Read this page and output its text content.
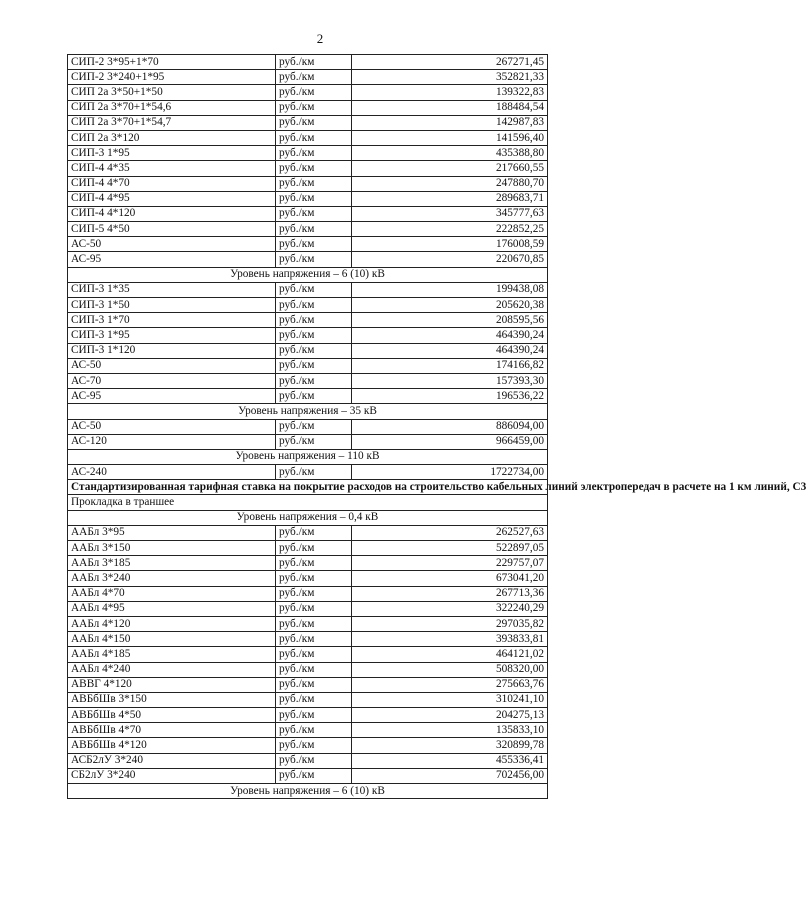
2
СИП-2 3*95+1*70	руб./км	267271,45
СИП-2 3*240+1*95	руб./км	352821,33
СИП 2а 3*50+1*50	руб./км	139322,83
СИП 2а 3*70+1*54,6	руб./км	188484,54
СИП 2а 3*70+1*54,7	руб./км	142987,83
СИП 2а 3*120	руб./км	141596,40
СИП-3 1*95	руб./км	435388,80
СИП-4 4*35	руб./км	217660,55
СИП-4 4*70	руб./км	247880,70
СИП-4 4*95	руб./км	289683,71
СИП-4 4*120	руб./км	345777,63
СИП-5 4*50	руб./км	222852,25
АС-50	руб./км	176008,59
АС-95	руб./км	220670,85
Уровень напряжения – 6 (10) кВ		
СИП-3 1*35	руб./км	199438,08
СИП-3 1*50	руб./км	205620,38
СИП-3 1*70	руб./км	208595,56
СИП-3 1*95	руб./км	464390,24
СИП-3 1*120	руб./км	464390,24
АС-50	руб./км	174166,82
АС-70	руб./км	157393,30
АС-95	руб./км	196536,22
Уровень напряжения – 35 кВ		
АС-50	руб./км	886094,00
АС-120	руб./км	966459,00
Уровень напряжения – 110 кВ		
АС-240	руб./км	1722734,00
Стандартизированная тарифная ставка на покрытие расходов на строительство кабельных линий электропередач в расчете на 1 км линий, С3		
Прокладка в траншее		
Уровень напряжения – 0,4 кВ		
ААБл 3*95	руб./км	262527,63
ААБл 3*150	руб./км	522897,05
ААБл 3*185	руб./км	229757,07
ААБл 3*240	руб./км	673041,20
ААБл 4*70	руб./км	267713,36
ААБл 4*95	руб./км	322240,29
ААБл 4*120	руб./км	297035,82
ААБл 4*150	руб./км	393833,81
ААБл 4*185	руб./км	464121,02
ААБл 4*240	руб./км	508320,00
АВВГ 4*120	руб./км	275663,76
АВБбШв 3*150	руб./км	310241,10
АВБбШв 4*50	руб./км	204275,13
АВБбШв 4*70	руб./км	135833,10
АВБбШв 4*120	руб./км	320899,78
АСБ2лУ 3*240	руб./км	455336,41
СБ2лУ 3*240	руб./км	702456,00
Уровень напряжения – 6 (10) кВ		
